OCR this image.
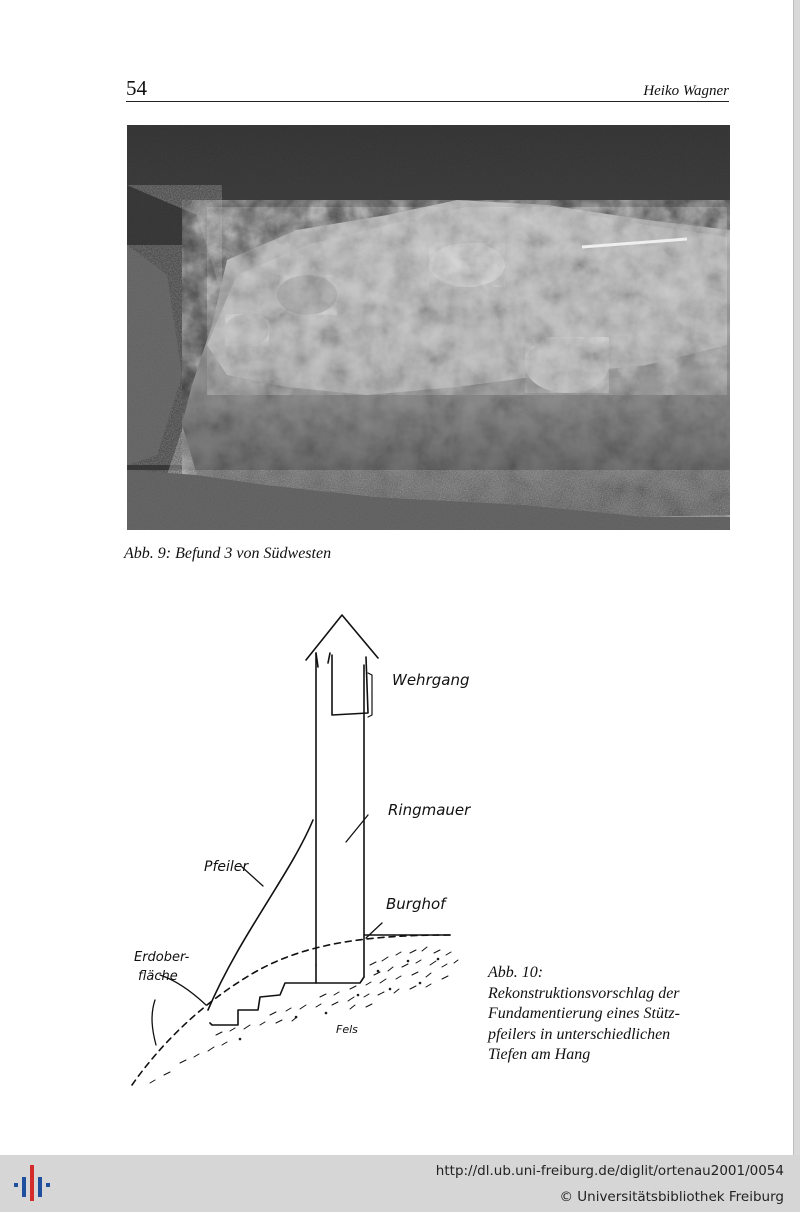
54	Heiko Wagner
Abb. 9: Befund 3 von Südwesten
Wehrgang
Ringmauer
Pfeiler
Burghof
Erdober-
fläche
Fels
Abb. 10:
Rekonstruktionsvorschlag der
Fundamentierung eines Stütz-
pfeilers in unterschiedlichen
Tiefen am Hang
http://dl.ub.uni-freiburg.de/diglit/ortenau2001/0054
© Universitätsbibliothek Freiburg
